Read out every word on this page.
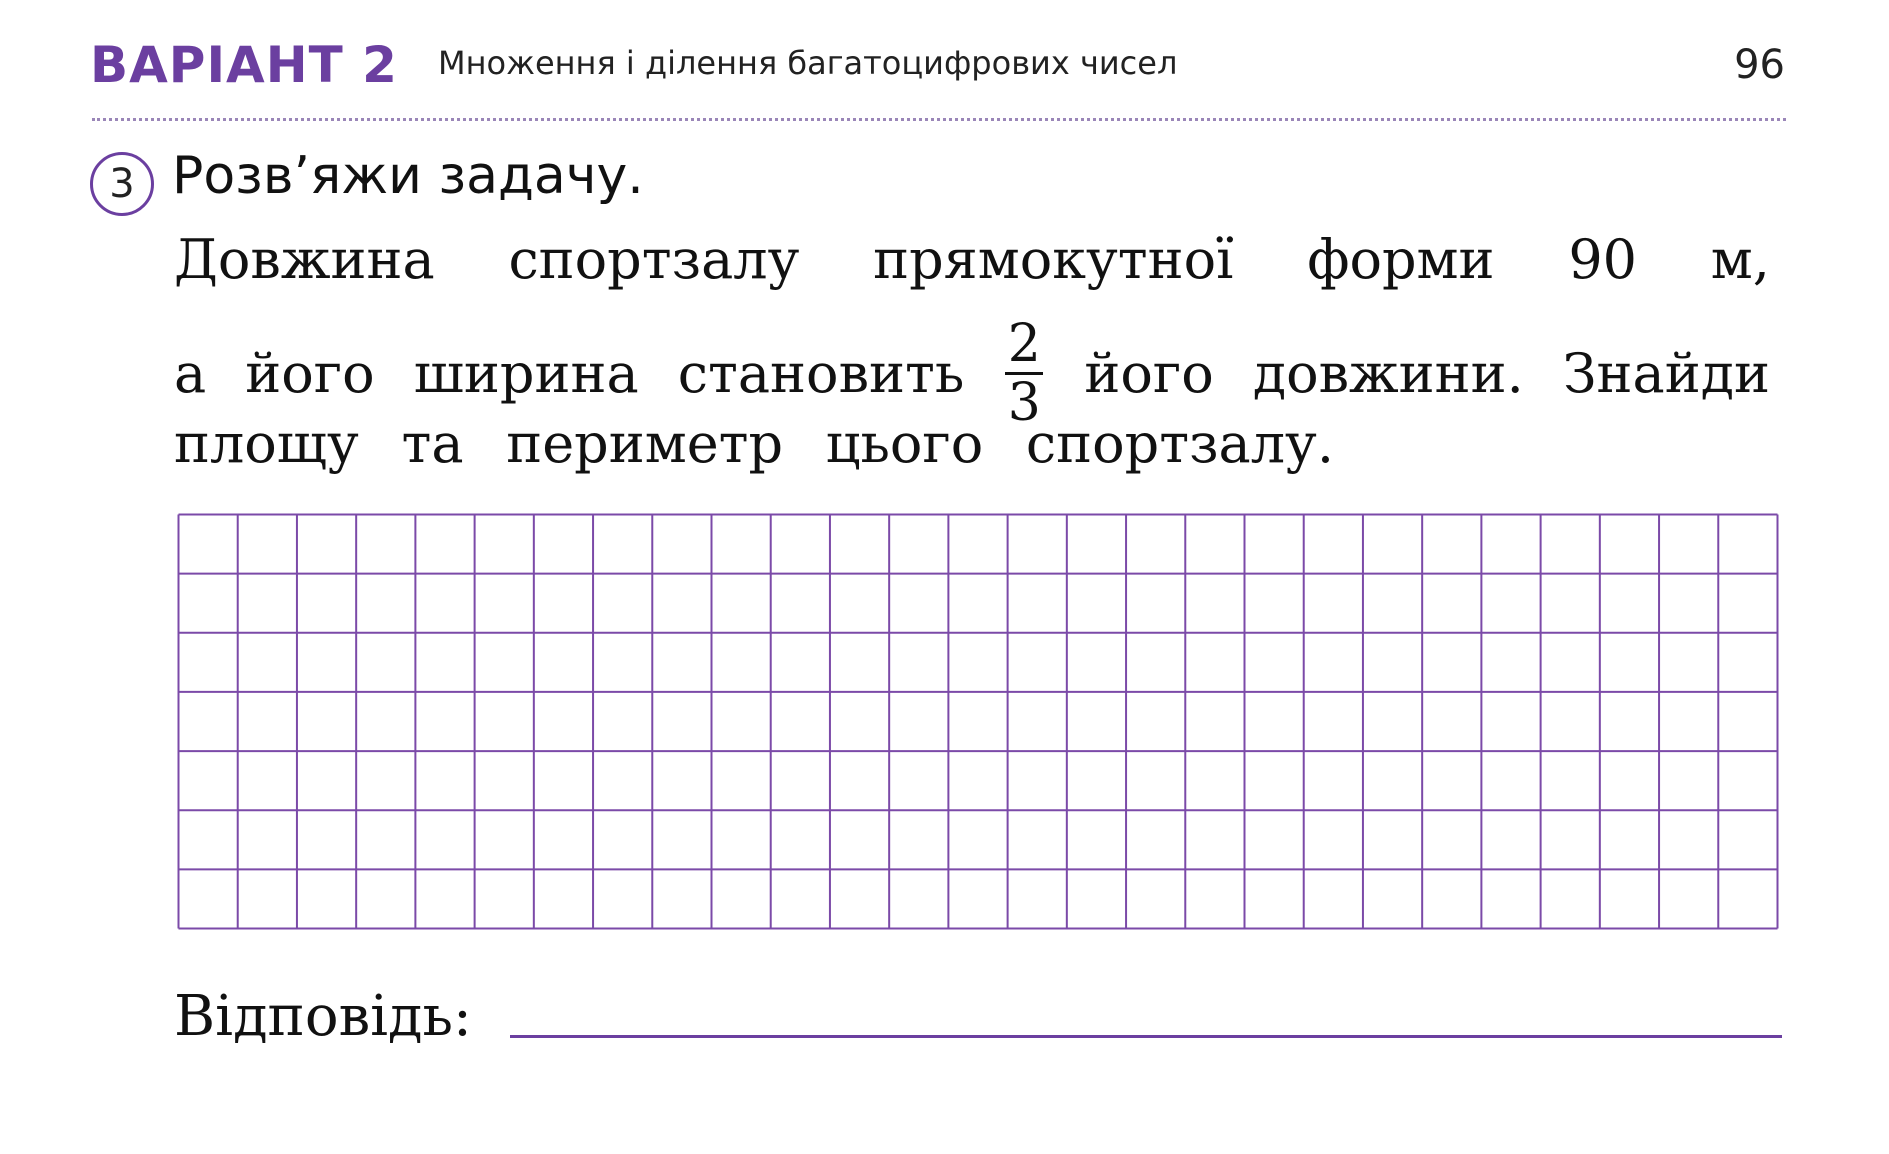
ВАРІАНТ 2 Множення і ділення багатоцифрових чисел	96
3 Розв’яжи задачу.
Довжина спортзалу прямокутної форми 90 м,
а його ширина становить $\frac{2}{3}$ його довжини. Знайди
площу та периметр цього спортзалу.
Відповідь:
